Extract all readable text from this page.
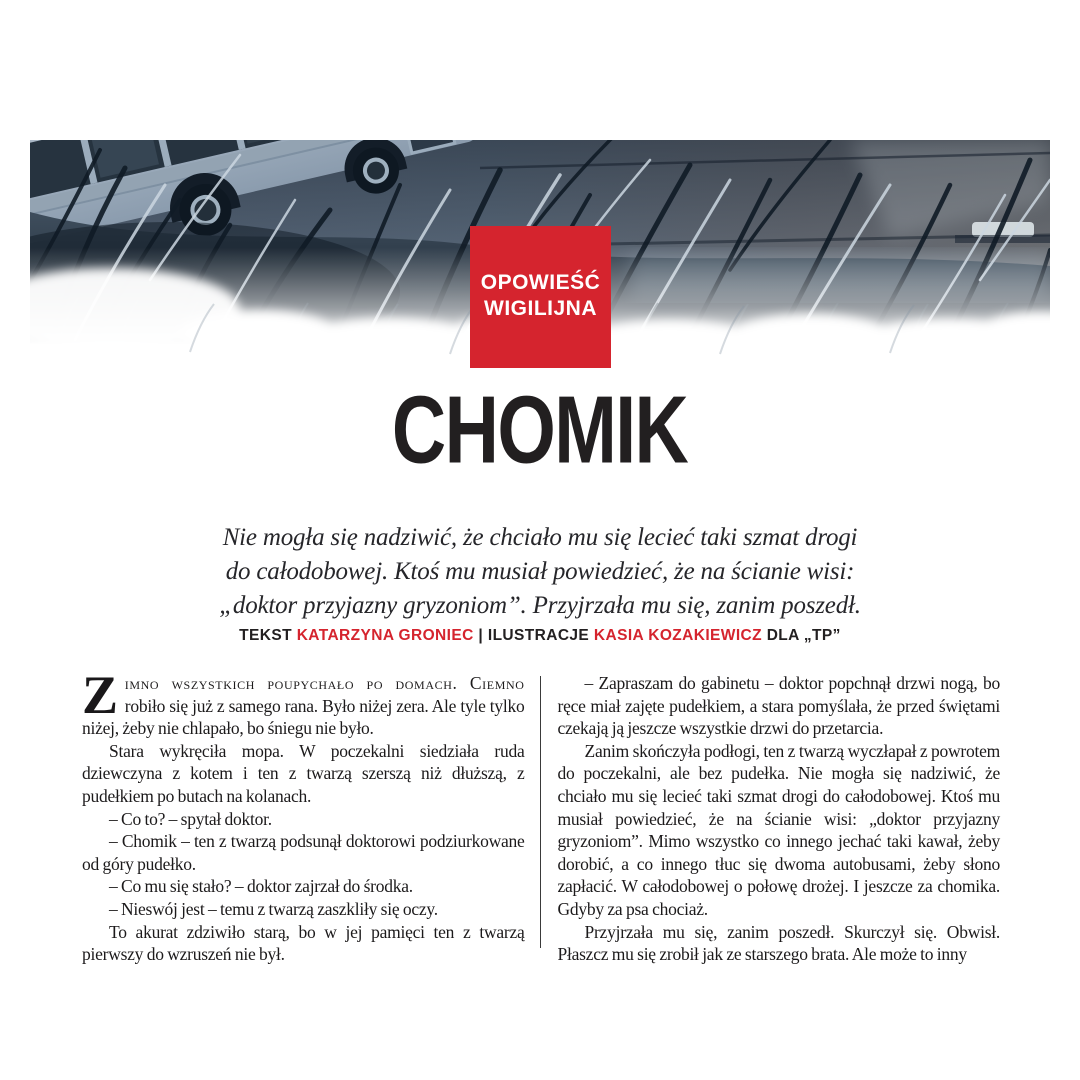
OPOWIEŚĆ
WIGILIJNA
CHOMIK
Nie mogła się nadziwić, że chciało mu się lecieć taki szmat drogi
do całodobowej. Ktoś mu musiał powiedzieć, że na ścianie wisi:
„doktor przyjazny gryzoniom”. Przyjrzała mu się, zanim poszedł.
TEKST KATARZYNA GRONIEC | ILUSTRACJE KASIA KOZAKIEWICZ DLA „TP”

Zimno wszystkich poupychało po domach. Ciemno robiło się już z samego rana. Było niżej zera. Ale tyle tylko niżej, żeby nie chlapało, bo śniegu nie było.

Stara wykręciła mopa. W poczekalni siedziała ruda dziewczyna z kotem i ten z twarzą szerszą niż dłuższą, z pudełkiem po butach na kolanach.

– Co to? – spytał doktor.

– Chomik – ten z twarzą podsunął doktorowi podziurkowane od góry pudełko.

– Co mu się stało? – doktor zajrzał do środka.

– Nieswój jest – temu z twarzą zaszkliły się oczy.

To akurat zdziwiło starą, bo w jej pamięci ten z twarzą pierwszy do wzruszeń nie był.

– Zapraszam do gabinetu – doktor popchnął drzwi nogą, bo ręce miał zajęte pudełkiem, a stara pomyślała, że przed świętami czekają ją jeszcze wszystkie drzwi do przetarcia.

Zanim skończyła podłogi, ten z twarzą wyczłapał z powrotem do poczekalni, ale bez pudełka. Nie mogła się nadziwić, że chciało mu się lecieć taki szmat drogi do całodobowej. Ktoś mu musiał powiedzieć, że na ścianie wisi: „doktor przyjazny gryzoniom”. Mimo wszystko co innego jechać taki kawał, żeby dorobić, a co innego tłuc się dwoma autobusami, żeby słono zapłacić. W całodobowej o połowę drożej. I jeszcze za chomika. Gdyby za psa chociaż.

Przyjrzała mu się, zanim poszedł. Skurczył się. Obwisł. Płaszcz mu się zrobił jak ze starszego brata. Ale może to inny
